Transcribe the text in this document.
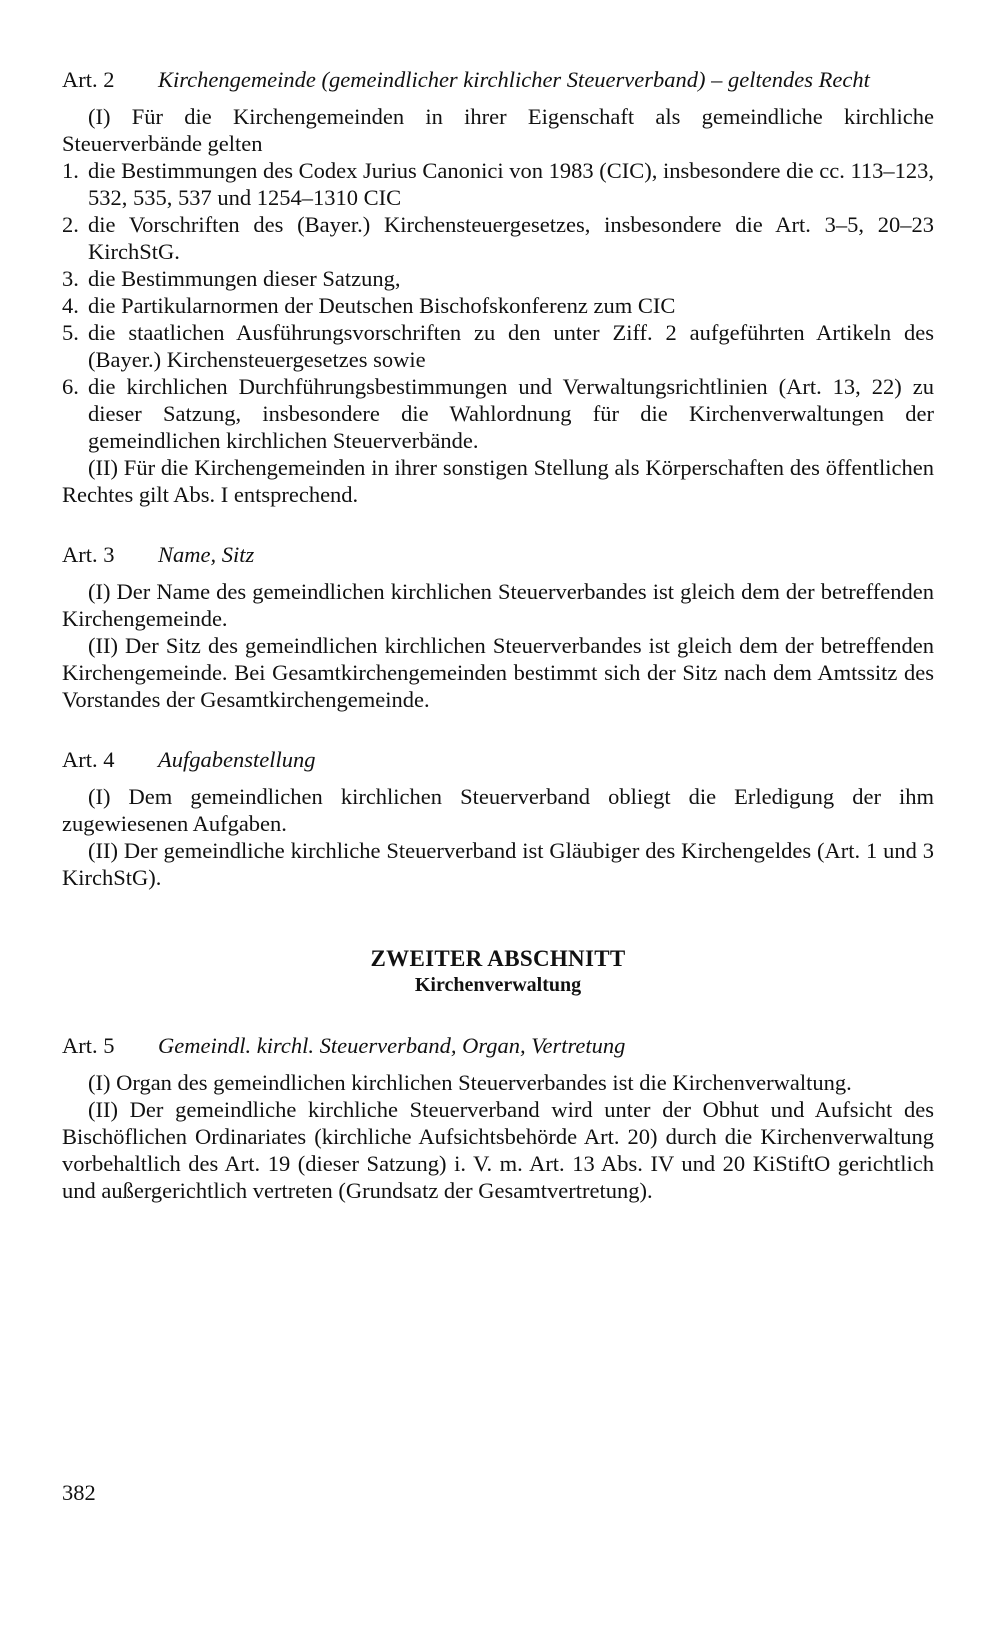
Art. 2	Kirchengemeinde (gemeindlicher kirchlicher Steuerverband) – geltendes Recht

(I) Für die Kirchengemeinden in ihrer Eigenschaft als gemeindliche kirchliche Steuerverbände gelten

1. die Bestimmungen des Codex Jurius Canonici von 1983 (CIC), insbesondere die cc. 113–123, 532, 535, 537 und 1254–1310 CIC
2. die Vorschriften des (Bayer.) Kirchensteuergesetzes, insbesondere die Art. 3–5, 20–23 KirchStG.
3. die Bestimmungen dieser Satzung,
4. die Partikularnormen der Deutschen Bischofskonferenz zum CIC
5. die staatlichen Ausführungsvorschriften zu den unter Ziff. 2 aufgeführten Artikeln des (Bayer.) Kirchensteuergesetzes sowie
6. die kirchlichen Durchführungsbestimmungen und Verwaltungsrichtlinien (Art. 13, 22) zu dieser Satzung, insbesondere die Wahlordnung für die Kirchenverwaltungen der gemeindlichen kirchlichen Steuerverbände.

(II) Für die Kirchengemeinden in ihrer sonstigen Stellung als Körperschaften des öffentlichen Rechtes gilt Abs. I entsprechend.

Art. 3	Name, Sitz

(I) Der Name des gemeindlichen kirchlichen Steuerverbandes ist gleich dem der betreffenden Kirchengemeinde.

(II) Der Sitz des gemeindlichen kirchlichen Steuerverbandes ist gleich dem der betreffenden Kirchengemeinde. Bei Gesamtkirchengemeinden bestimmt sich der Sitz nach dem Amtssitz des Vorstandes der Gesamtkirchengemeinde.

Art. 4	Aufgabenstellung

(I) Dem gemeindlichen kirchlichen Steuerverband obliegt die Erledigung der ihm zugewiesenen Aufgaben.

(II) Der gemeindliche kirchliche Steuerverband ist Gläubiger des Kirchengeldes (Art. 1 und 3 KirchStG).

ZWEITER ABSCHNITT
Kirchenverwaltung
Art. 5	Gemeindl. kirchl. Steuerverband, Organ, Vertretung

(I) Organ des gemeindlichen kirchlichen Steuerverbandes ist die Kirchenverwaltung.

(II) Der gemeindliche kirchliche Steuerverband wird unter der Obhut und Aufsicht des Bischöflichen Ordinariates (kirchliche Aufsichtsbehörde Art. 20) durch die Kirchenverwaltung vorbehaltlich des Art. 19 (dieser Satzung) i. V. m. Art. 13 Abs. IV und 20 KiStiftO gerichtlich und außergerichtlich vertreten (Grundsatz der Gesamtvertretung).

382
